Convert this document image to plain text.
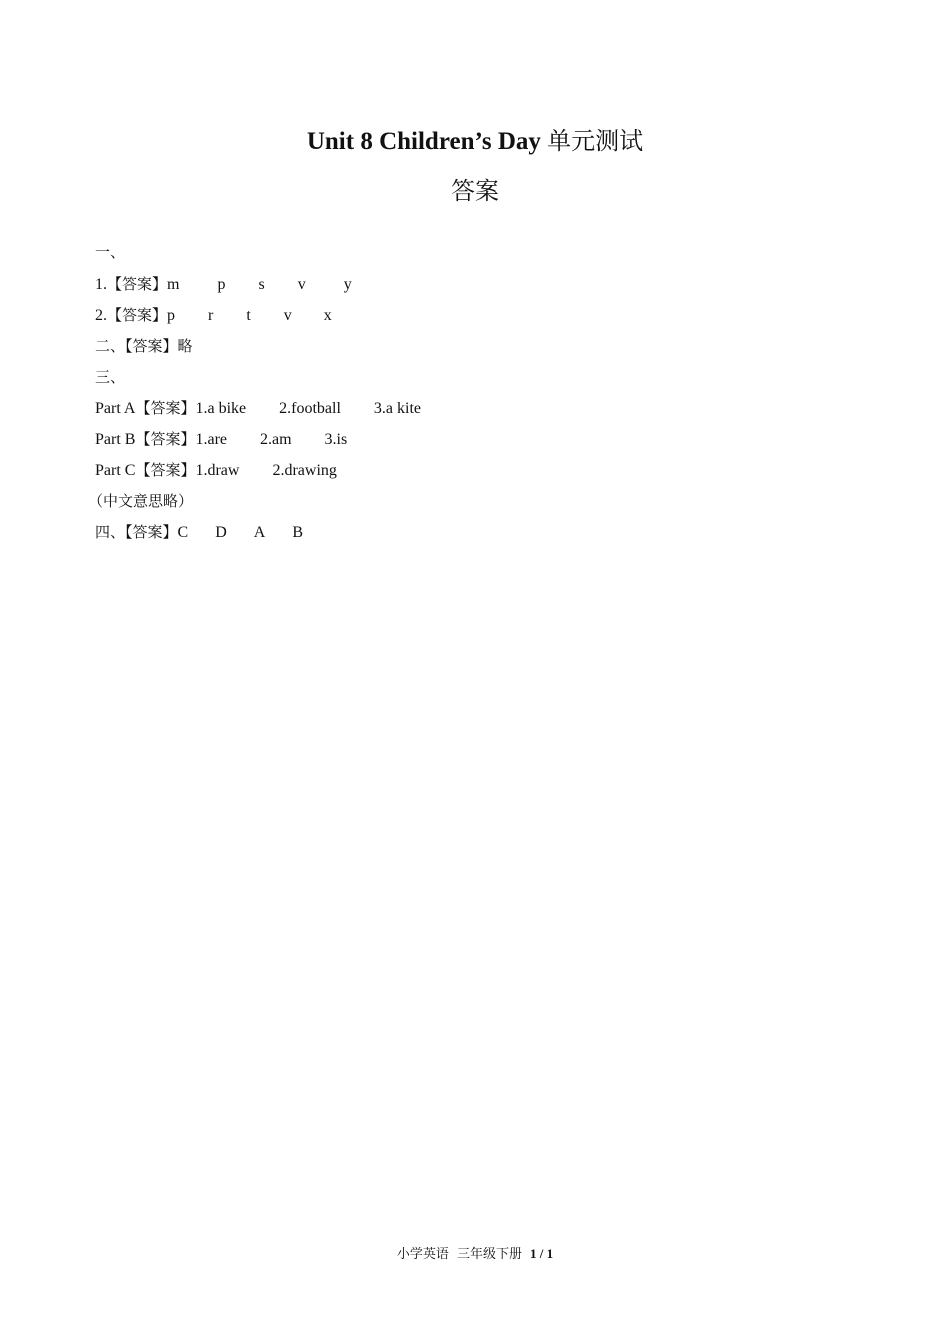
Unit 8 Children’s Day 单元测试
答案

一、

1.【答案】m p s v y

2.【答案】p r t v x

二、【答案】略

三、

Part A【答案】1.a bike 2.football 3.a kite

Part B【答案】1.are 2.am 3.is

Part C【答案】1.draw 2.drawing

（中文意思略）

四、【答案】C D A B

小学英语 三年级下册 1 / 1
